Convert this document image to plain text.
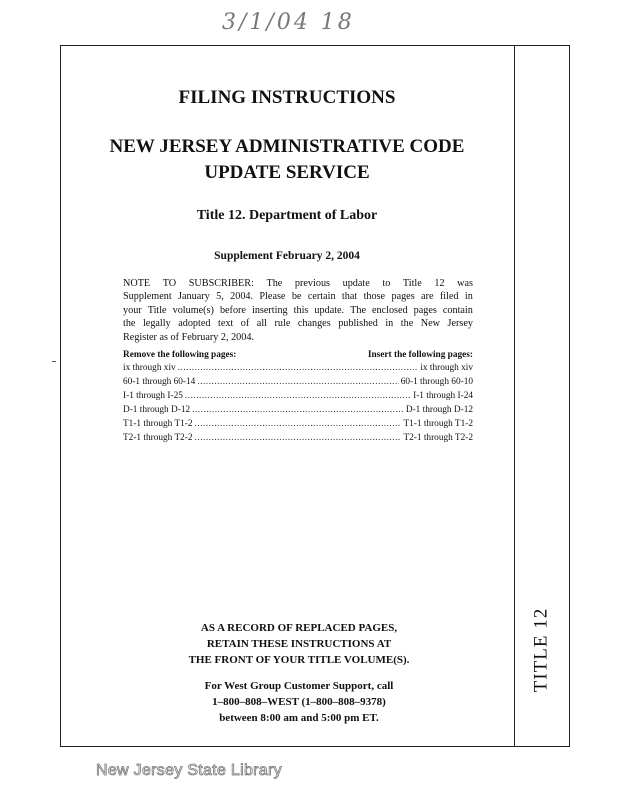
3/1/04 18
TITLE 12
FILING INSTRUCTIONS
NEW JERSEY ADMINISTRATIVE CODE
UPDATE SERVICE
Title 12. Department of Labor
Supplement February 2, 2004
NOTE TO SUBSCRIBER: The previous update to Title 12 was
Supplement January 5, 2004. Please be certain that those pages are filed in
your Title volume(s) before inserting this update. The enclosed pages contain
the legally adopted text of all rule changes published in the New Jersey
Register as of February 2, 2004.
Remove the following pages:	Insert the following pages:
ix through xiv .....	ix through xiv
60-1 through 60-14 .....	60-1 through 60-10
I-1 through I-25 .....	I-1 through I-24
D-1 through D-12 .....	D-1 through D-12
T1-1 through T1-2 .....	T1-1 through T1-2
T2-1 through T2-2 .....	T2-1 through T2-2
AS A RECORD OF REPLACED PAGES,
RETAIN THESE INSTRUCTIONS AT
THE FRONT OF YOUR TITLE VOLUME(S).
For West Group Customer Support, call
1–800–808–WEST (1–800–808–9378)
between 8:00 am and 5:00 pm ET.
New Jersey State Library
